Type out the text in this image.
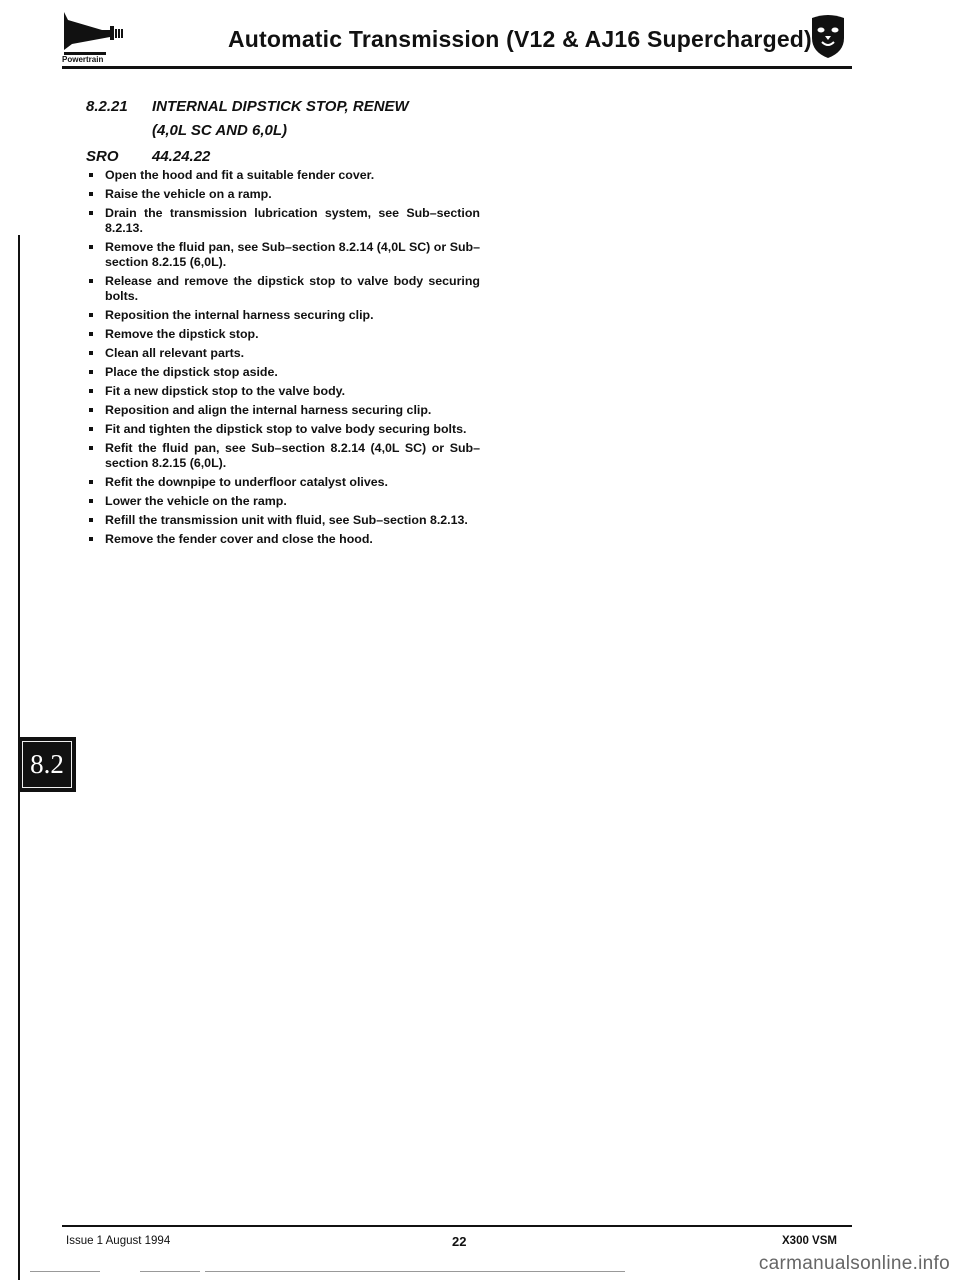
Powertrain
Automatic Transmission (V12 & AJ16 Supercharged)
8.2.21 INTERNAL DIPSTICK STOP, RENEW
(4,0L SC AND 6,0L)
SRO 44.24.22
Open the hood and fit a suitable fender cover.
Raise the vehicle on a ramp.
Drain the transmission lubrication system, see Sub–section 8.2.13.
Remove the fluid pan, see Sub–section 8.2.14 (4,0L SC) or Sub–section 8.2.15 (6,0L).
Release and remove the dipstick stop to valve body securing bolts.
Reposition the internal harness securing clip.
Remove the dipstick stop.
Clean all relevant parts.
Place the dipstick stop aside.
Fit a new dipstick stop to the valve body.
Reposition and align the internal harness securing clip.
Fit and tighten the dipstick stop to valve body securing bolts.
Refit the fluid pan, see Sub–section 8.2.14 (4,0L SC) or Sub–section 8.2.15 (6,0L).
Refit the downpipe to underfloor catalyst olives.
Lower the vehicle on the ramp.
Refill the transmission unit with fluid, see Sub–section 8.2.13.
Remove the fender cover and close the hood.
8.2
Issue 1 August 1994	22	X300 VSM
carmanualsonline.info
